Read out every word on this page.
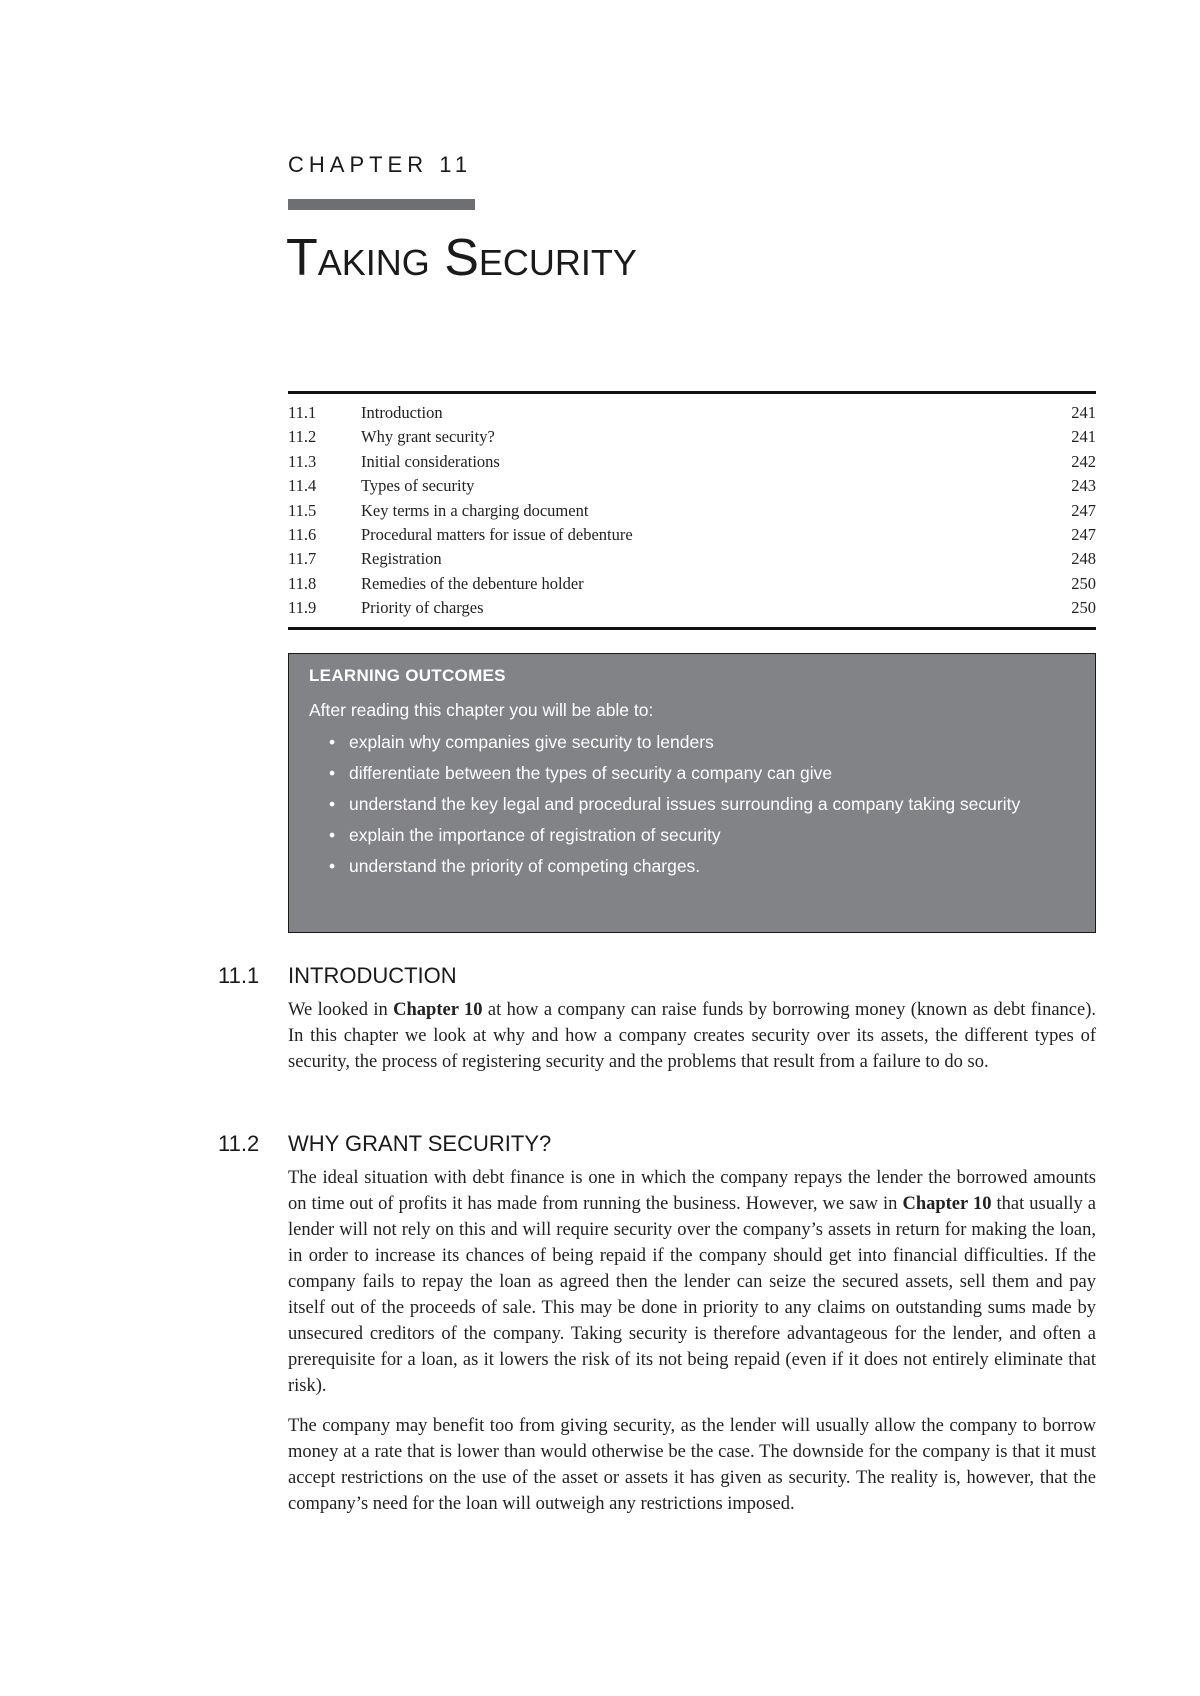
CHAPTER 11
Taking Security
11.1	Introduction	241
11.2	Why grant security?	241
11.3	Initial considerations	242
11.4	Types of security	243
11.5	Key terms in a charging document	247
11.6	Procedural matters for issue of debenture	247
11.7	Registration	248
11.8	Remedies of the debenture holder	250
11.9	Priority of charges	250
LEARNING OUTCOMES
After reading this chapter you will be able to:
• explain why companies give security to lenders
• differentiate between the types of security a company can give
• understand the key legal and procedural issues surrounding a company taking security
• explain the importance of registration of security
• understand the priority of competing charges.
11.1	INTRODUCTION

We looked in Chapter 10 at how a company can raise funds by borrowing money (known as debt finance). In this chapter we look at why and how a company creates security over its assets, the different types of security, the process of registering security and the problems that result from a failure to do so.

11.2	WHY GRANT SECURITY?

The ideal situation with debt finance is one in which the company repays the lender the borrowed amounts on time out of profits it has made from running the business. However, we saw in Chapter 10 that usually a lender will not rely on this and will require security over the company’s assets in return for making the loan, in order to increase its chances of being repaid if the company should get into financial difficulties. If the company fails to repay the loan as agreed then the lender can seize the secured assets, sell them and pay itself out of the proceeds of sale. This may be done in priority to any claims on outstanding sums made by unsecured creditors of the company. Taking security is therefore advantageous for the lender, and often a prerequisite for a loan, as it lowers the risk of its not being repaid (even if it does not entirely eliminate that risk).

The company may benefit too from giving security, as the lender will usually allow the company to borrow money at a rate that is lower than would otherwise be the case. The downside for the company is that it must accept restrictions on the use of the asset or assets it has given as security. The reality is, however, that the company’s need for the loan will outweigh any restrictions imposed.
